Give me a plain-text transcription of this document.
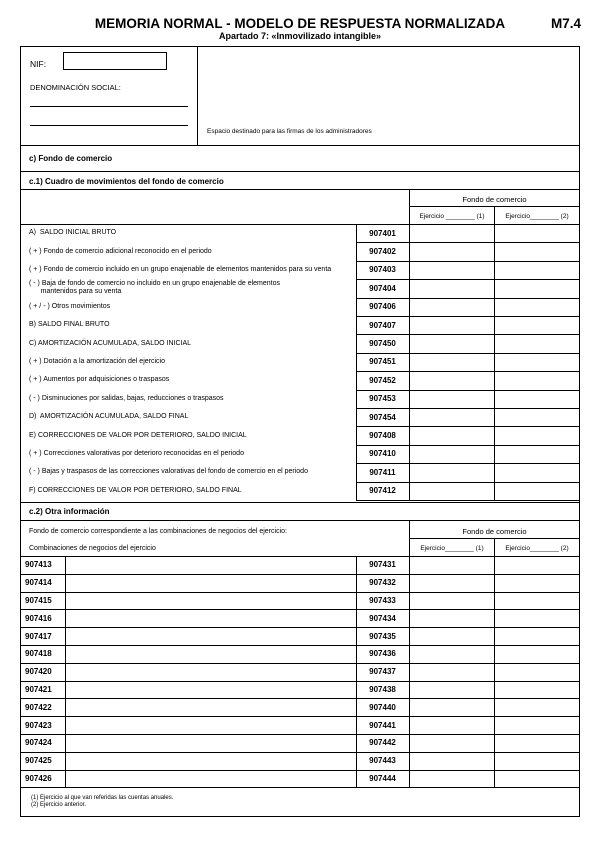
MEMORIA NORMAL - MODELO DE RESPUESTA NORMALIZADA
Apartado 7: «Inmovilizado intangible»
M7.4
NIF:
DENOMINACIÓN SOCIAL:
Espacio destinado para las firmas de los administradores
c) Fondo de comercio
c.1) Cuadro de movimientos del fondo de comercio
Fondo de comercio
Ejercicio ________ (1)	Ejercicio________ (2)
A)  SALDO INICIAL BRUTO	907401
( + ) Fondo de comercio adicional reconocido en el periodo	907402
( + ) Fondo de comercio incluido en un grupo enajenable de elementos mantenidos para su venta	907403
( - ) Baja de fondo de comercio no incluido en un grupo enajenable de elementos
mantenidos para su venta	907404
( + / - ) Otros movimientos	907406
B) SALDO FINAL BRUTO	907407
C) AMORTIZACIÓN ACUMULADA, SALDO INICIAL	907450
( + ) Dotación a la amortización del ejercicio	907451
( + ) Aumentos por adquisiciones o traspasos	907452
( - ) Disminuciones por salidas, bajas, reducciones o traspasos	907453
D)  AMORTIZACIÓN ACUMULADA, SALDO FINAL	907454
E) CORRECCIONES DE VALOR POR DETERIORO, SALDO INICIAL	907408
( + ) Correcciones valorativas por deterioro reconocidas en el periodo	907410
( - ) Bajas y traspasos de las correcciones valorativas del fondo de comercio en el periodo	907411
F) CORRECCIONES DE VALOR POR DETERIORO, SALDO FINAL	907412
c.2) Otra información
Fondo de comercio correspondiente a las combinaciones de negocios del ejercicio:
Combinaciones de negocios del ejercicio
Fondo de comercio
Ejercicio________ (1)	Ejercicio________ (2)
907413	907431
907414	907432
907415	907433
907416	907434
907417	907435
907418	907436
907420	907437
907421	907438
907422	907440
907423	907441
907424	907442
907425	907443
907426	907444
(1) Ejercicio al que van referidas las cuentas anuales.
(2) Ejercicio anterior.
